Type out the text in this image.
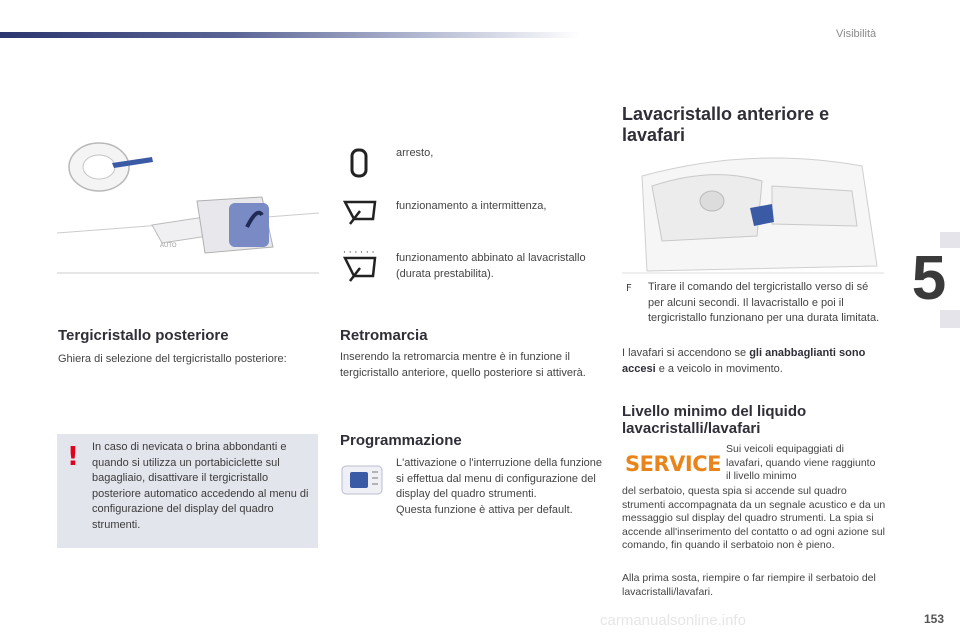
Visibilità
5
AUTO
Tergicristallo posteriore
Ghiera di selezione del tergicristallo posteriore:
! In caso di nevicata o brina abbondanti e quando si utilizza un portabiciclette sul bagagliaio, disattivare il tergicristallo posteriore automatico accedendo al menu di configurazione del display del quadro strumenti.
arresto,
funzionamento a intermittenza,
· · · · · · funzionamento abbinato al lavacristallo (durata prestabilita).
Retromarcia
Inserendo la retromarcia mentre è in funzione il tergicristallo anteriore, quello posteriore si attiverà.
Programmazione
L'attivazione o l'interruzione della funzione si effettua dal menu di configurazione del display del quadro strumenti.
Questa funzione è attiva per default.
Lavacristallo anteriore e lavafari
F Tirare il comando del tergicristallo verso di sé per alcuni secondi. Il lavacristallo e poi il tergicristallo funzionano per una durata limitata.
I lavafari si accendono se gli anabbaglianti sono accesi e a veicolo in movimento.
Livello minimo del liquido lavacristalli/lavafari
SERVICE
Sui veicoli equipaggiati di lavafari, quando viene raggiunto il livello minimo
del serbatoio, questa spia si accende sul quadro strumenti accompagnata da un segnale acustico e da un messaggio sul display del quadro strumenti. La spia si accende all'inserimento del contatto o ad ogni azione sul comando, fin quando il serbatoio non è pieno.
Alla prima sosta, riempire o far riempire il serbatoio del lavacristalli/lavafari.
carmanualsonline.info	153
